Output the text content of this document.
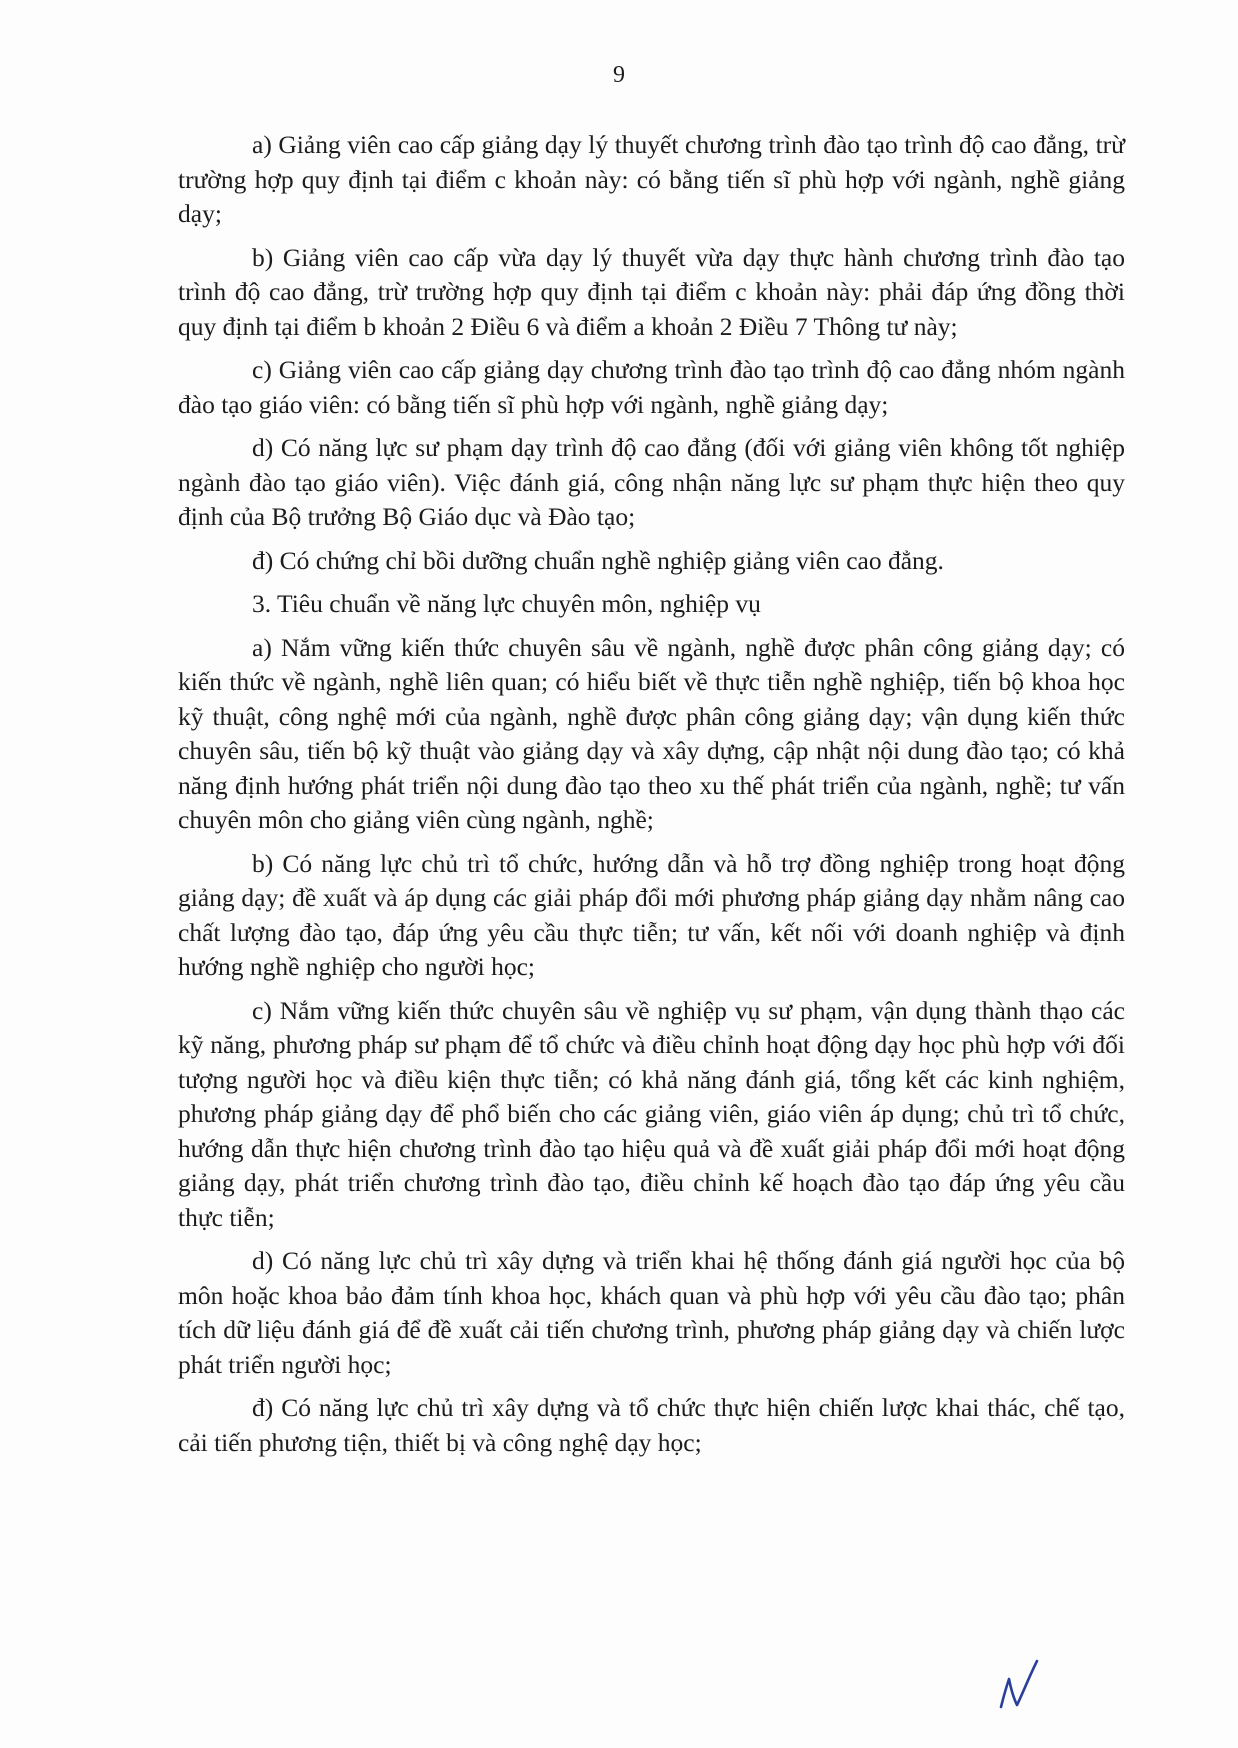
9

a) Giảng viên cao cấp giảng dạy lý thuyết chương trình đào tạo trình độ cao đẳng, trừ trường hợp quy định tại điểm c khoản này: có bằng tiến sĩ phù hợp với ngành, nghề giảng dạy;

b) Giảng viên cao cấp vừa dạy lý thuyết vừa dạy thực hành chương trình đào tạo trình độ cao đẳng, trừ trường hợp quy định tại điểm c khoản này: phải đáp ứng đồng thời quy định tại điểm b khoản 2 Điều 6 và điểm a khoản 2 Điều 7 Thông tư này;

c) Giảng viên cao cấp giảng dạy chương trình đào tạo trình độ cao đẳng nhóm ngành đào tạo giáo viên: có bằng tiến sĩ phù hợp với ngành, nghề giảng dạy;

d) Có năng lực sư phạm dạy trình độ cao đẳng (đối với giảng viên không tốt nghiệp ngành đào tạo giáo viên). Việc đánh giá, công nhận năng lực sư phạm thực hiện theo quy định của Bộ trưởng Bộ Giáo dục và Đào tạo;

đ) Có chứng chỉ bồi dưỡng chuẩn nghề nghiệp giảng viên cao đẳng.

3. Tiêu chuẩn về năng lực chuyên môn, nghiệp vụ

a) Nắm vững kiến thức chuyên sâu về ngành, nghề được phân công giảng dạy; có kiến thức về ngành, nghề liên quan; có hiểu biết về thực tiễn nghề nghiệp, tiến bộ khoa học kỹ thuật, công nghệ mới của ngành, nghề được phân công giảng dạy; vận dụng kiến thức chuyên sâu, tiến bộ kỹ thuật vào giảng dạy và xây dựng, cập nhật nội dung đào tạo; có khả năng định hướng phát triển nội dung đào tạo theo xu thế phát triển của ngành, nghề; tư vấn chuyên môn cho giảng viên cùng ngành, nghề;

b) Có năng lực chủ trì tổ chức, hướng dẫn và hỗ trợ đồng nghiệp trong hoạt động giảng dạy; đề xuất và áp dụng các giải pháp đổi mới phương pháp giảng dạy nhằm nâng cao chất lượng đào tạo, đáp ứng yêu cầu thực tiễn; tư vấn, kết nối với doanh nghiệp và định hướng nghề nghiệp cho người học;

c) Nắm vững kiến thức chuyên sâu về nghiệp vụ sư phạm, vận dụng thành thạo các kỹ năng, phương pháp sư phạm để tổ chức và điều chỉnh hoạt động dạy học phù hợp với đối tượng người học và điều kiện thực tiễn; có khả năng đánh giá, tổng kết các kinh nghiệm, phương pháp giảng dạy để phổ biến cho các giảng viên, giáo viên áp dụng; chủ trì tổ chức, hướng dẫn thực hiện chương trình đào tạo hiệu quả và đề xuất giải pháp đổi mới hoạt động giảng dạy, phát triển chương trình đào tạo, điều chỉnh kế hoạch đào tạo đáp ứng yêu cầu thực tiễn;

d) Có năng lực chủ trì xây dựng và triển khai hệ thống đánh giá người học của bộ môn hoặc khoa bảo đảm tính khoa học, khách quan và phù hợp với yêu cầu đào tạo; phân tích dữ liệu đánh giá để đề xuất cải tiến chương trình, phương pháp giảng dạy và chiến lược phát triển người học;

đ) Có năng lực chủ trì xây dựng và tổ chức thực hiện chiến lược khai thác, chế tạo, cải tiến phương tiện, thiết bị và công nghệ dạy học;
